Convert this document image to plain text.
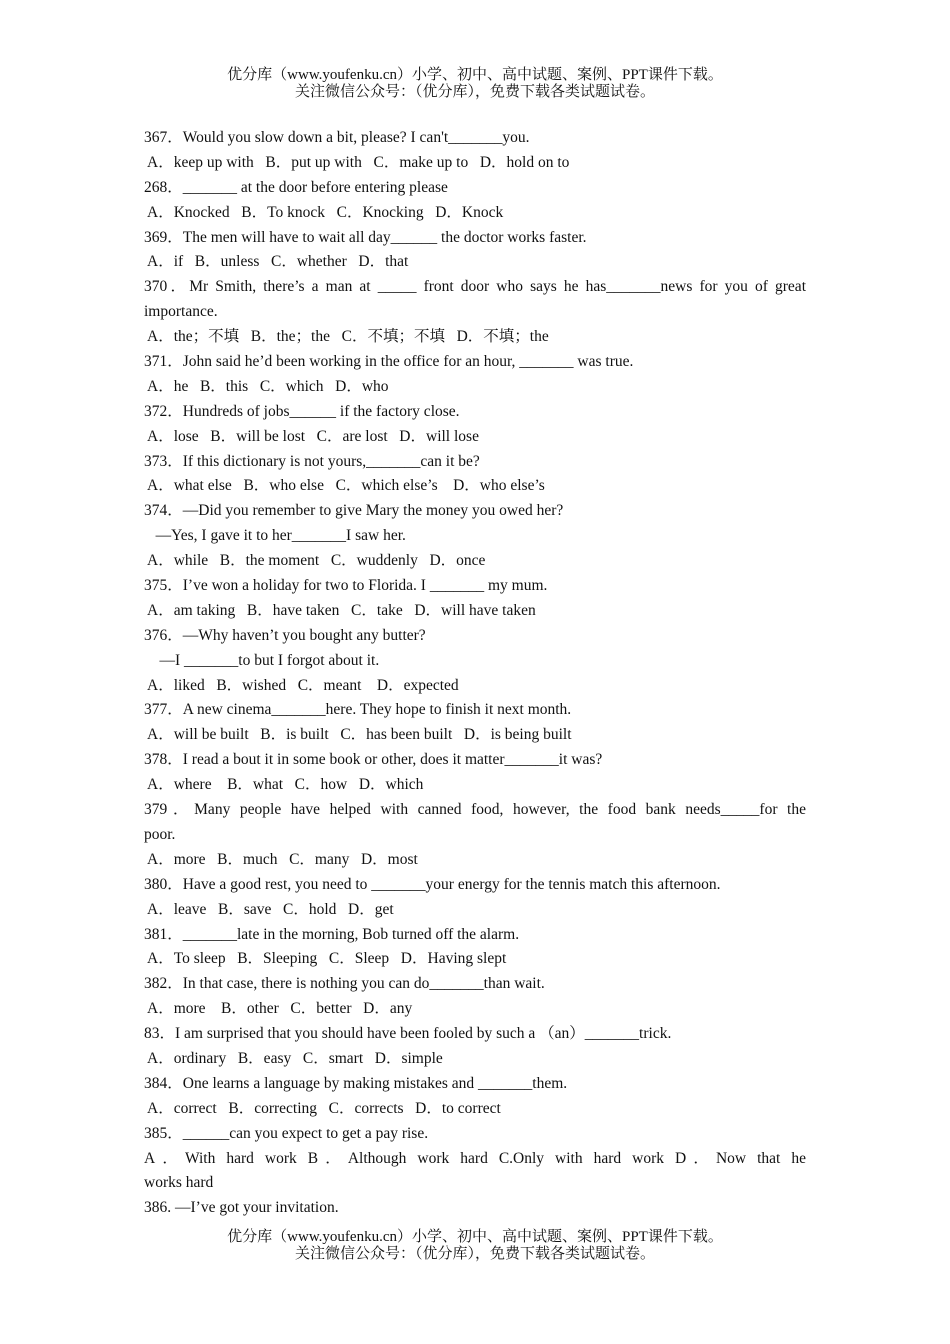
优分库（www.youfenku.cn）小学、初中、高中试题、案例、PPT课件下载。
关注微信公众号：（优分库），免费下载各类试题试卷。
367．Would you slow down a bit, please? I can't_______you.
A．keep up with   B．put up with   C．make up to   D．hold on to
268．_______ at the door before entering please
A．Knocked   B．To knock   C．Knocking   D．Knock
369．The men will have to wait all day______ the doctor works faster.
A．if   B．unless   C．whether   D．that
370．Mr Smith, there’s a man at _____ front door who says he has_______news for you of great
importance.
A．the；不填   B．the；the   C．不填；不填   D．不填；the
371．John said he’d been working in the office for an hour, _______ was true.
A．he   B．this   C．which   D．who
372．Hundreds of jobs______ if the factory close.
A．lose   B．will be lost   C．are lost   D．will lose
373．If this dictionary is not yours,_______can it be?
A．what else   B．who else   C．which else’s    D．who else’s
374．—Did you remember to give Mary the money you owed her?
—Yes, I gave it to her_______I saw her.
A．while   B．the moment   C．wuddenly   D．once
375．I’ve won a holiday for two to Florida. I _______ my mum.
A．am taking   B．have taken   C．take   D．will have taken
376．—Why haven’t you bought any butter?
—I _______to but I forgot about it.
A．liked   B．wished   C．meant    D．expected
377．A new cinema_______here. They hope to finish it next month.
A．will be built   B．is built   C．has been built   D．is being built
378．I read a bout it in some book or other, does it matter_______it was?
A．where    B．what   C．how   D．which
379．Many people have helped with canned food, however, the food bank needs_____for the
poor.
A．more   B．much   C．many   D．most
380．Have a good rest, you need to _______your energy for the tennis match this afternoon.
A．leave   B．save   C．hold   D．get
381．_______late in the morning, Bob turned off the alarm.
A．To sleep   B．Sleeping   C．Sleep   D．Having slept
382．In that case, there is nothing you can do_______than wait.
A．more    B．other   C．better   D．any
83．I am surprised that you should have been fooled by such a （an）_______trick.
A．ordinary   B．easy   C．smart   D．simple
384．One learns a language by making mistakes and _______them.
A．correct   B．correcting   C．corrects   D．to correct
385．______can you expect to get a pay rise.
A．With hard work B．Although work hard C.Only with hard work D．Now that he
works hard
386. —I’ve got your invitation.
优分库（www.youfenku.cn）小学、初中、高中试题、案例、PPT课件下载。
关注微信公众号：（优分库），免费下载各类试题试卷。
